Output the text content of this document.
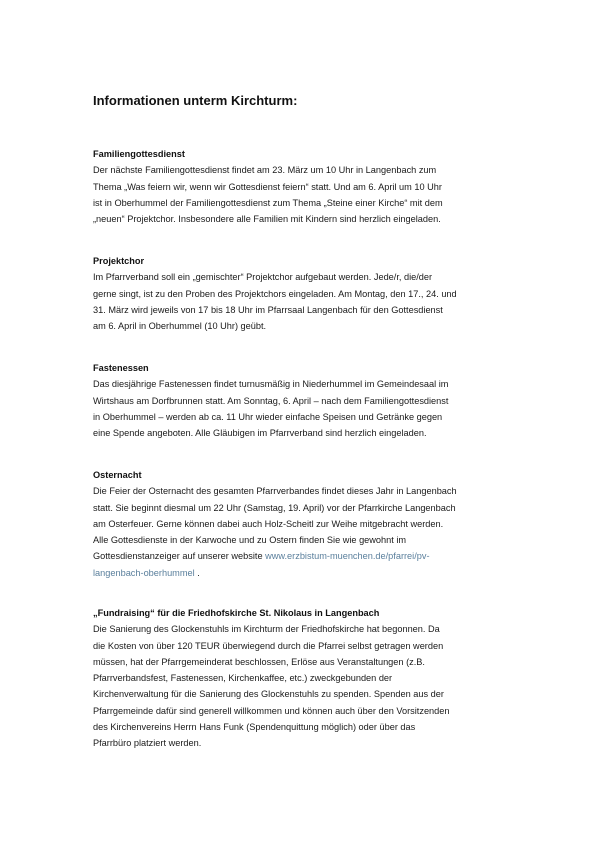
Informationen unterm Kirchturm:
Familiengottesdienst
Der nächste Familiengottesdienst findet am 23. März um 10 Uhr in Langenbach zum
Thema „Was feiern wir, wenn wir Gottesdienst feiern“ statt. Und am 6. April um 10 Uhr
ist in Oberhummel der Familiengottesdienst zum Thema „Steine einer Kirche“ mit dem
„neuen“ Projektchor. Insbesondere alle Familien mit Kindern sind herzlich eingeladen.
Projektchor
Im Pfarrverband soll ein „gemischter“ Projektchor aufgebaut werden. Jede/r, die/der
gerne singt, ist zu den Proben des Projektchors eingeladen. Am Montag, den 17., 24. und
31. März wird jeweils von 17 bis 18 Uhr im Pfarrsaal Langenbach für den Gottesdienst
am 6. April in Oberhummel (10 Uhr) geübt.
Fastenessen
Das diesjährige Fastenessen findet turnusmäßig in Niederhummel im Gemeindesaal im
Wirtshaus am Dorfbrunnen statt. Am Sonntag, 6. April – nach dem Familiengottesdienst
in Oberhummel – werden ab ca. 11 Uhr wieder einfache Speisen und Getränke gegen
eine Spende angeboten. Alle Gläubigen im Pfarrverband sind herzlich eingeladen.
Osternacht
Die Feier der Osternacht des gesamten Pfarrverbandes findet dieses Jahr in Langenbach
statt. Sie beginnt diesmal um 22 Uhr (Samstag, 19. April) vor der Pfarrkirche Langenbach
am Osterfeuer. Gerne können dabei auch Holz-Scheitl zur Weihe mitgebracht werden.
Alle Gottesdienste in der Karwoche und zu Ostern finden Sie wie gewohnt im
Gottesdienstanzeiger auf unserer website www.erzbistum-muenchen.de/pfarrei/pv-
langenbach-oberhummel .
„Fundraising“ für die Friedhofskirche St. Nikolaus in Langenbach
Die Sanierung des Glockenstuhls im Kirchturm der Friedhofskirche hat begonnen. Da
die Kosten von über 120 TEUR überwiegend durch die Pfarrei selbst getragen werden
müssen, hat der Pfarrgemeinderat beschlossen, Erlöse aus Veranstaltungen (z.B.
Pfarrverbandsfest, Fastenessen, Kirchenkaffee, etc.) zweckgebunden der
Kirchenverwaltung für die Sanierung des Glockenstuhls zu spenden. Spenden aus der
Pfarrgemeinde dafür sind generell willkommen und können auch über den Vorsitzenden
des Kirchenvereins Herrn Hans Funk (Spendenquittung möglich) oder über das
Pfarrbüro platziert werden.
